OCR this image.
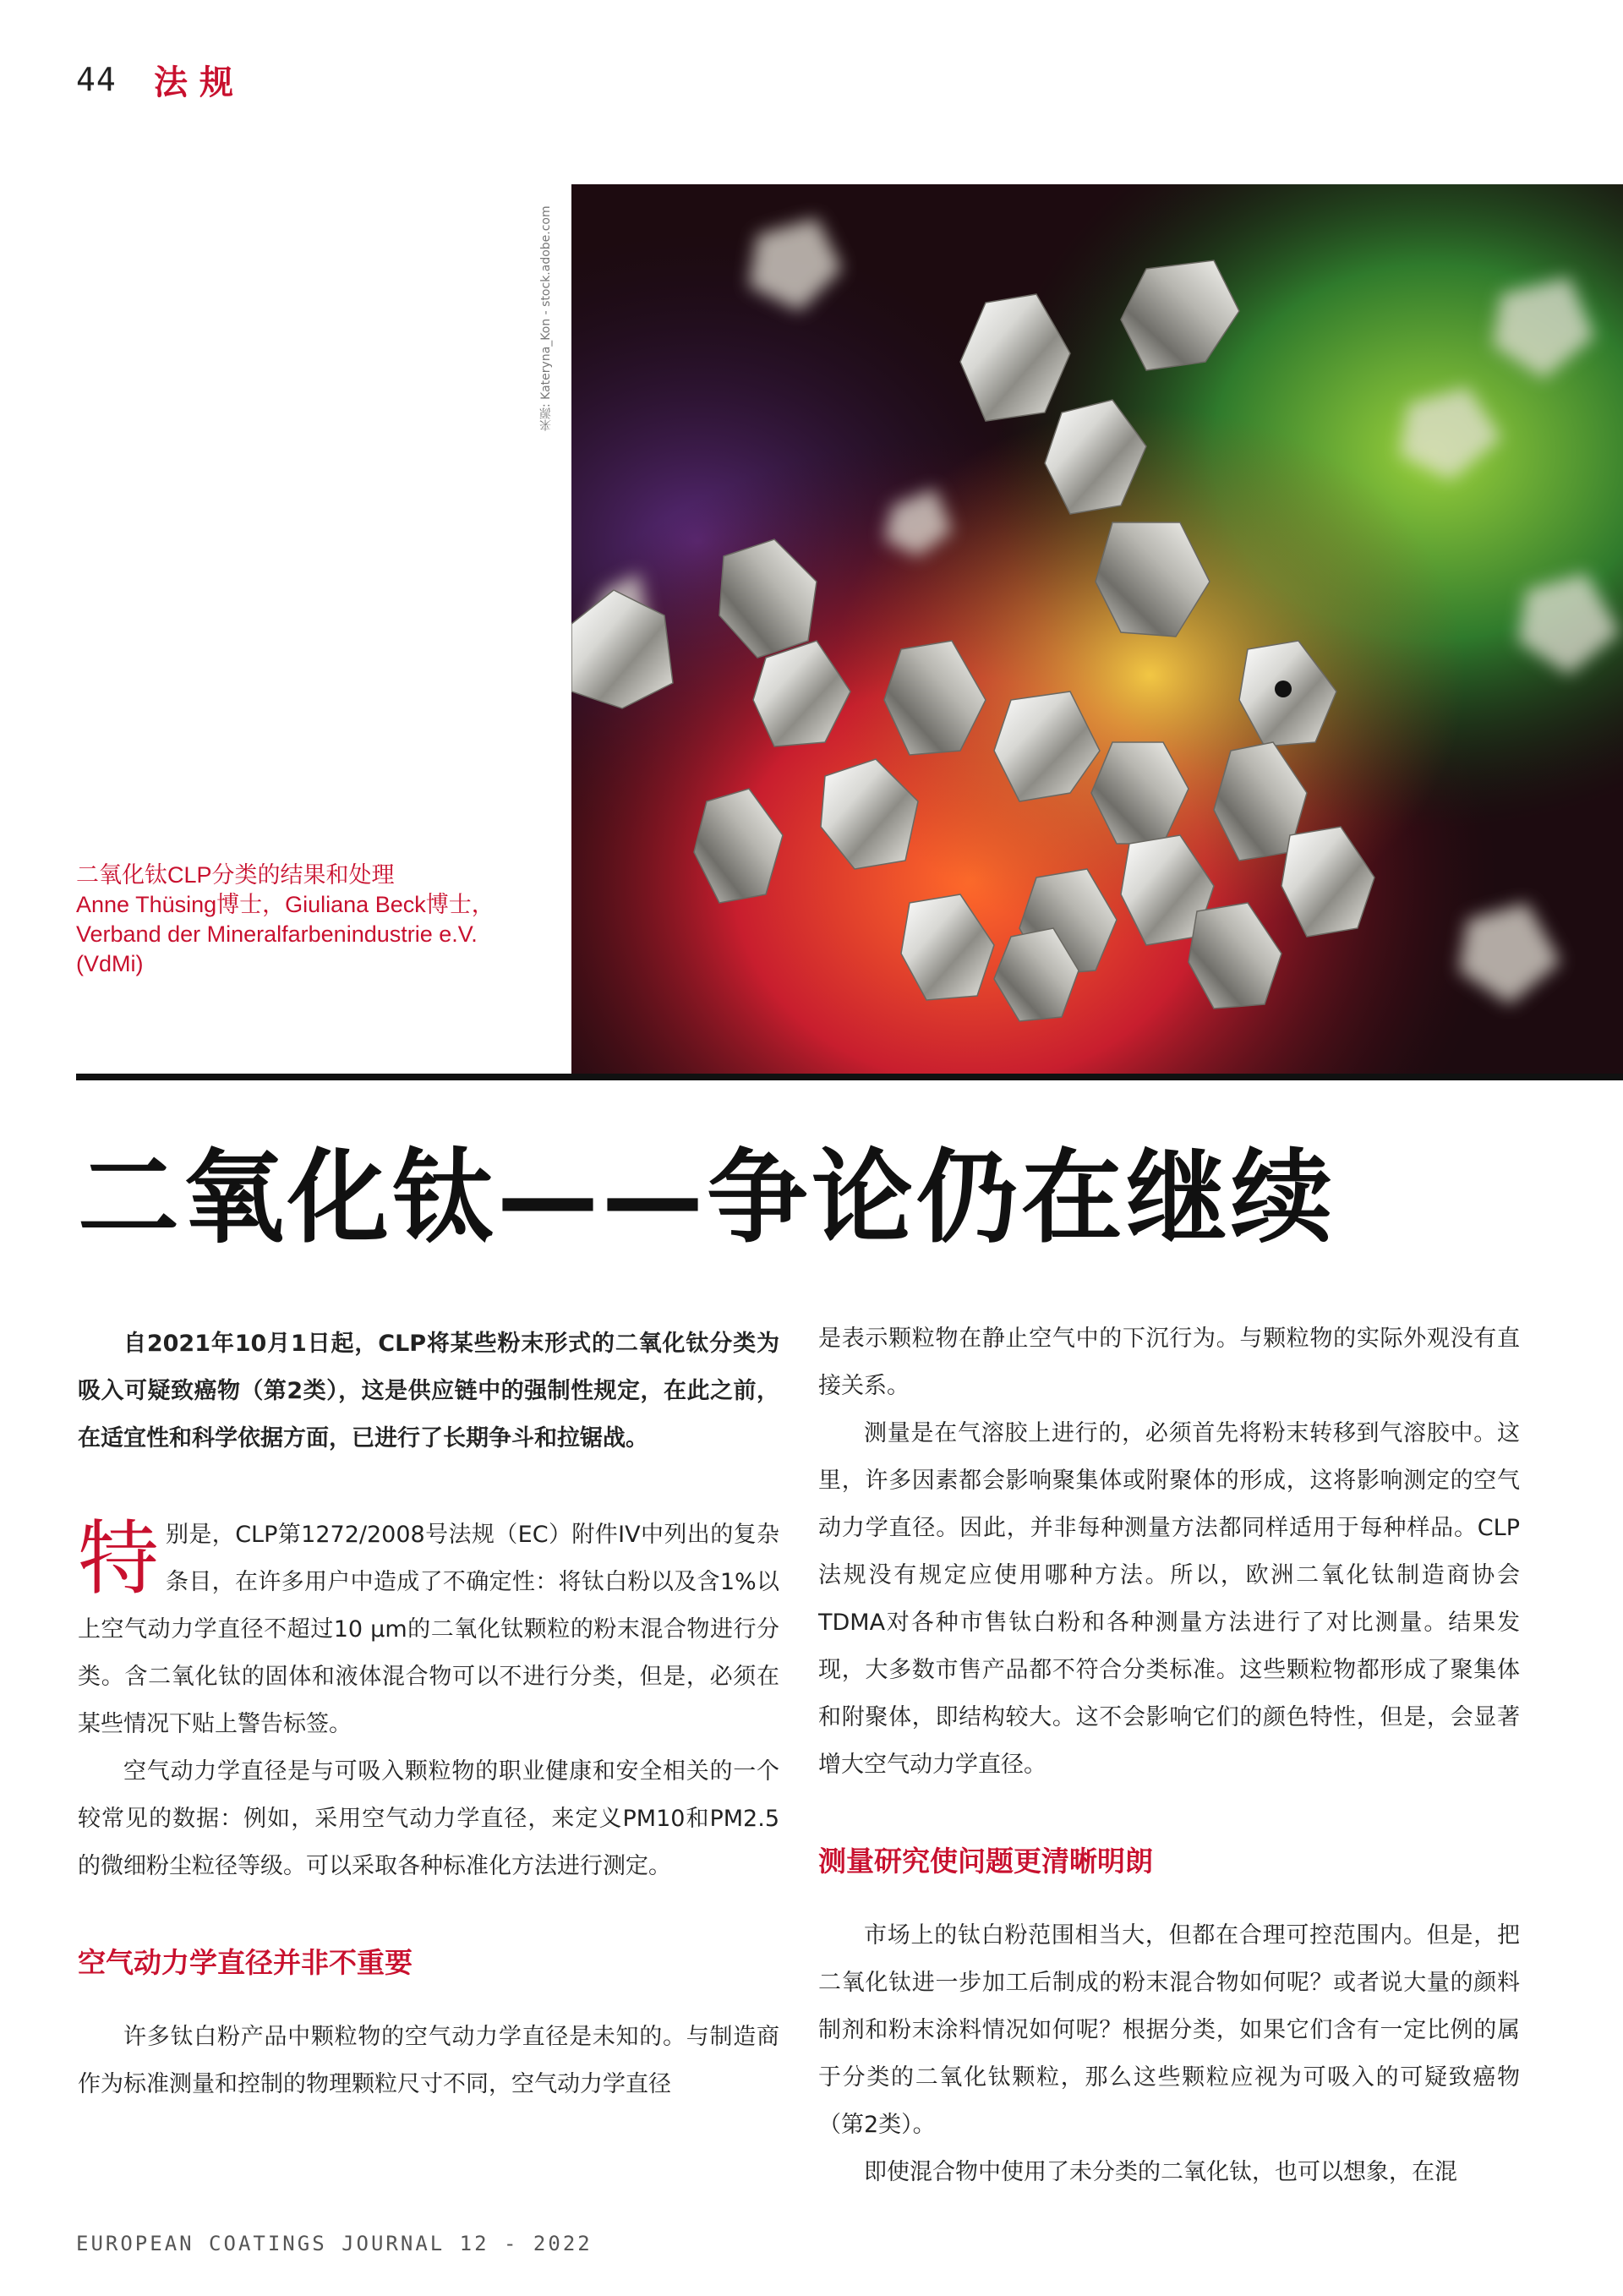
44 法规
来源: Kateryna_Kon - stock.adobe.com
二氧化钛CLP分类的结果和处理
Anne Thüsing博士，Giuliana Beck博士，
Verband der Mineralfarbenindustrie e.V.
(VdMi)
二氧化钛——争论仍在继续

自2021年10月1日起，CLP将某些粉末形式的二氧化钛分类为吸入可疑致癌物（第2类），这是供应链中的强制性规定，在此之前，在适宜性和科学依据方面，已进行了长期争斗和拉锯战。

特别是，CLP第1272/2008号法规（EC）附件IV中列出的复杂条目，在许多用户中造成了不确定性：将钛白粉以及含1%以上空气动力学直径不超过10 μm的二氧化钛颗粒的粉末混合物进行分类。含二氧化钛的固体和液体混合物可以不进行分类，但是，必须在某些情况下贴上警告标签。

空气动力学直径是与可吸入颗粒物的职业健康和安全相关的一个较常见的数据：例如，采用空气动力学直径，来定义PM10和PM2.5的微细粉尘粒径等级。可以采取各种标准化方法进行测定。

空气动力学直径并非不重要

许多钛白粉产品中颗粒物的空气动力学直径是未知的。与制造商作为标准测量和控制的物理颗粒尺寸不同，空气动力学直径

是表示颗粒物在静止空气中的下沉行为。与颗粒物的实际外观没有直接关系。

测量是在气溶胶上进行的，必须首先将粉末转移到气溶胶中。这里，许多因素都会影响聚集体或附聚体的形成，这将影响测定的空气动力学直径。因此，并非每种测量方法都同样适用于每种样品。CLP法规没有规定应使用哪种方法。所以，欧洲二氧化钛制造商协会TDMA对各种市售钛白粉和各种测量方法进行了对比测量。结果发现，大多数市售产品都不符合分类标准。这些颗粒物都形成了聚集体和附聚体，即结构较大。这不会影响它们的颜色特性，但是，会显著增大空气动力学直径。

测量研究使问题更清晰明朗

市场上的钛白粉范围相当大，但都在合理可控范围内。但是，把二氧化钛进一步加工后制成的粉末混合物如何呢？或者说大量的颜料制剂和粉末涂料情况如何呢？根据分类，如果它们含有一定比例的属于分类的二氧化钛颗粒，那么这些颗粒应视为可吸入的可疑致癌物（第2类）。

即使混合物中使用了未分类的二氧化钛，也可以想象，在混

EUROPEAN COATINGS JOURNAL 12 - 2022
